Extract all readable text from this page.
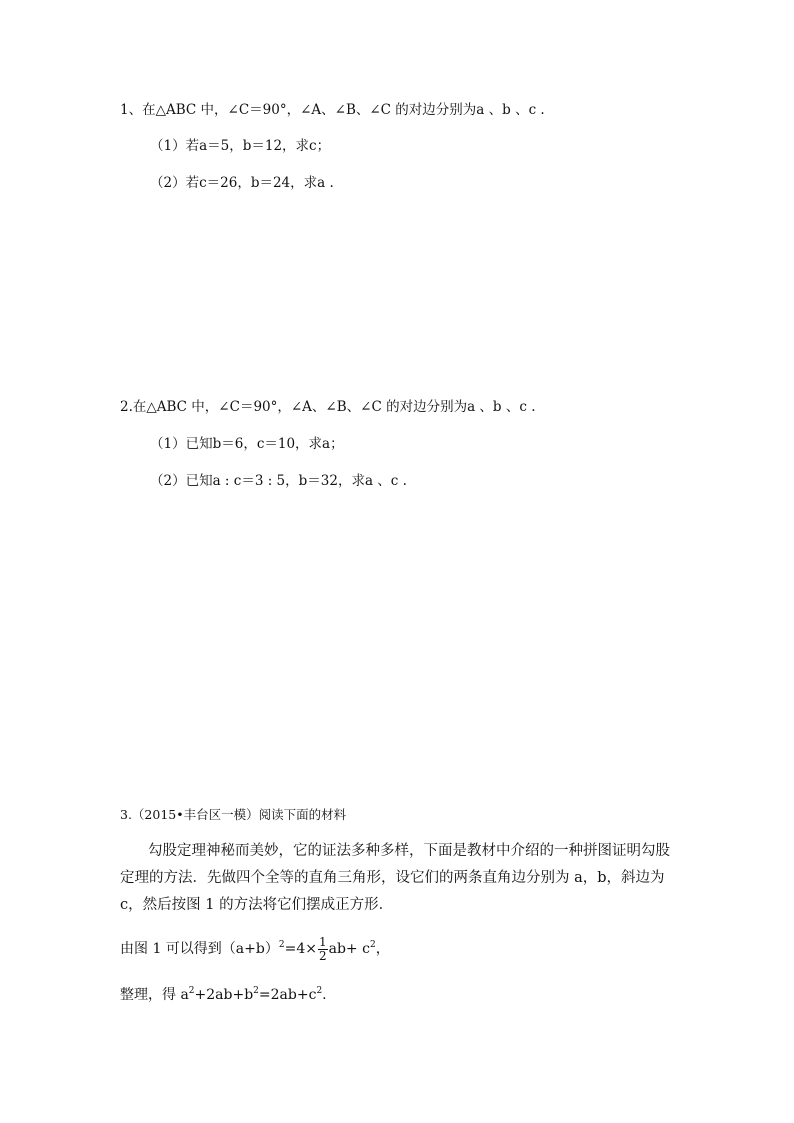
1、在△ABC 中，∠C＝90°，∠A、∠B、∠C 的对边分别为a 、b 、c .
（1）若a＝5，b＝12，求c；
（2）若c＝26，b＝24，求a .
2.在△ABC 中，∠C＝90°，∠A、∠B、∠C 的对边分别为a 、b 、c .
（1）已知b＝6，c＝10，求a；
（2）已知a : c＝3 : 5，b＝32，求a 、c .
3.（2015•丰台区一模）阅读下面的材料
勾股定理神秘而美妙，它的证法多种多样，下面是教材中介绍的一种拼图证明勾股定理的方法．先做四个全等的直角三角形，设它们的两条直角边分别为 a，b，斜边为 c，然后按图 1 的方法将它们摆成正方形．
由图 1 可以得到$(a+b)^2=4\times \frac{1}{2} ab+ c^2$，
整理，得 $a^2+2ab+b^2=2ab+c^2$.
